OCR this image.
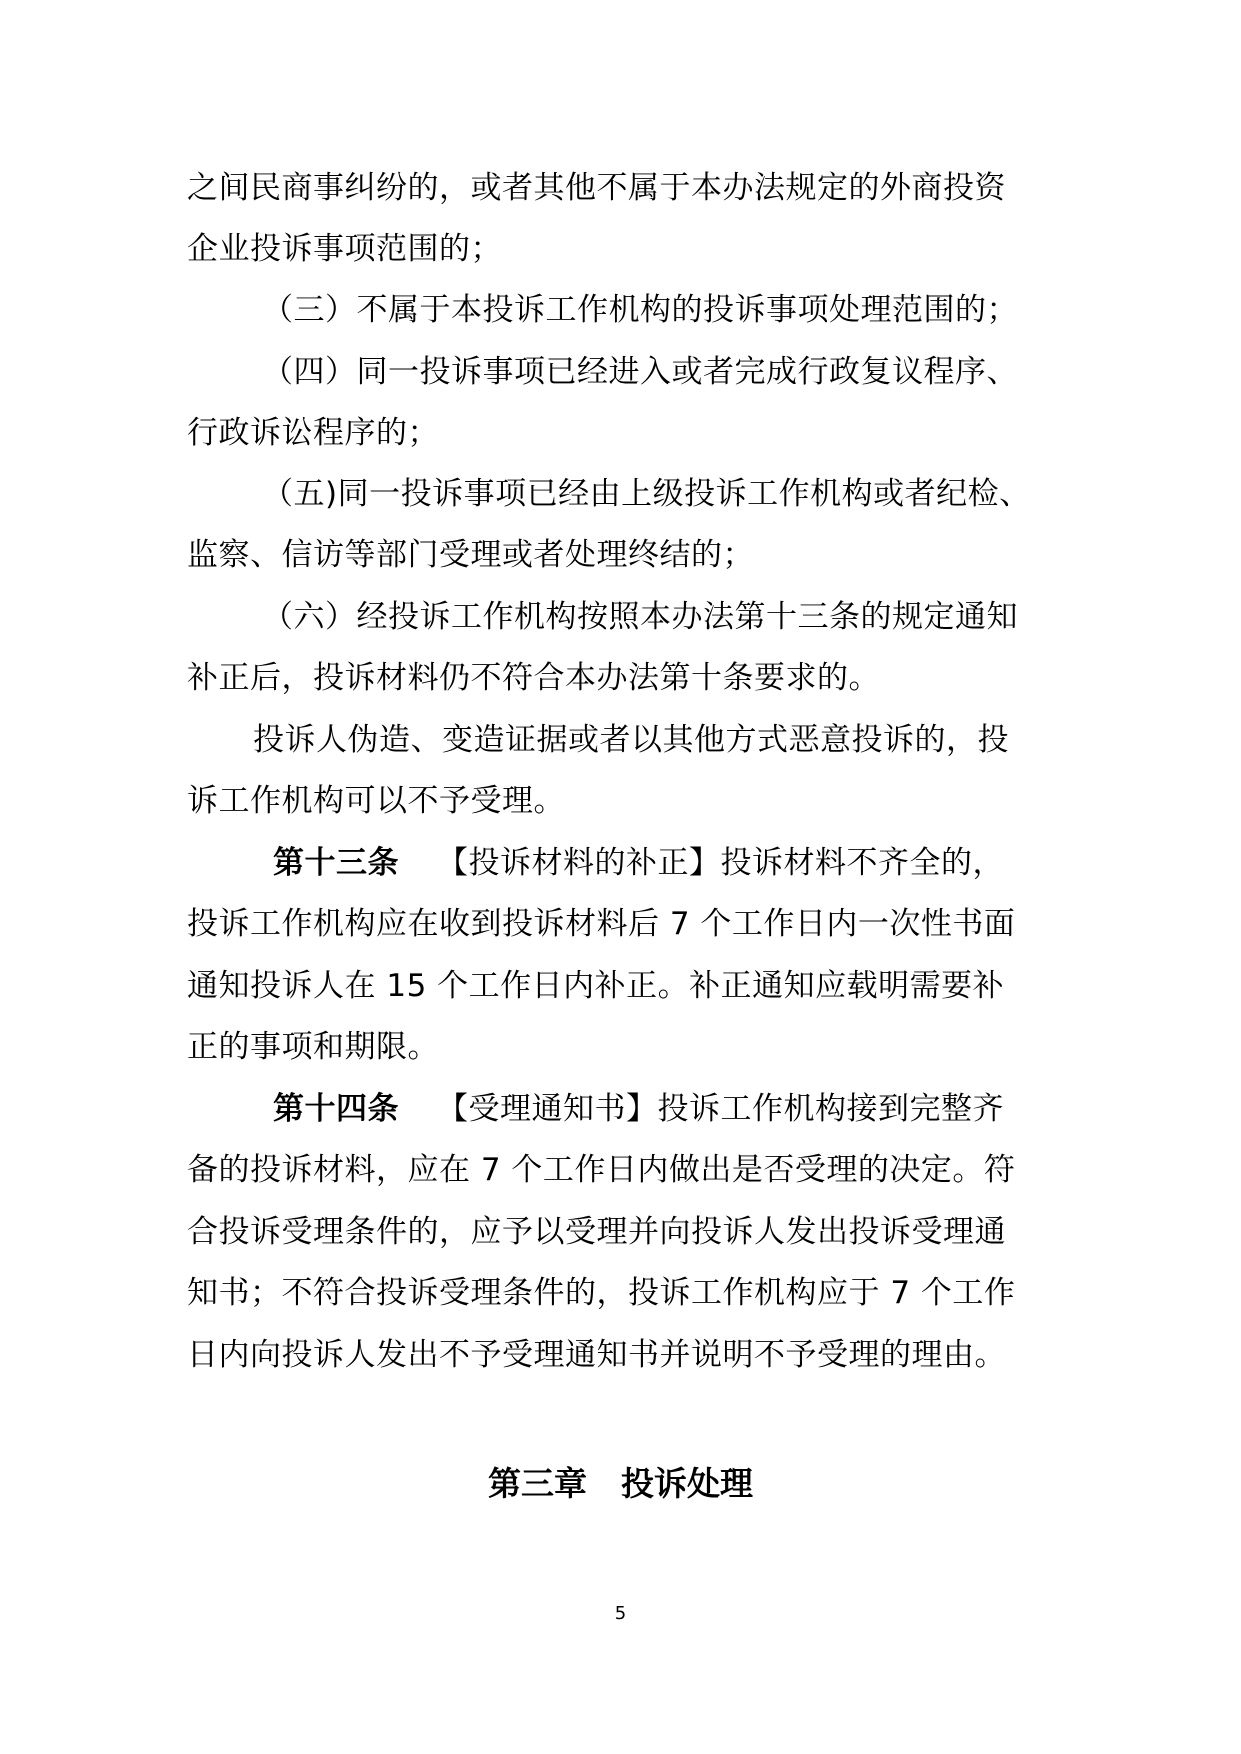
之间民商事纠纷的，或者其他不属于本办法规定的外商投资
企业投诉事项范围的；
（三）不属于本投诉工作机构的投诉事项处理范围的；
（四）同一投诉事项已经进入或者完成行政复议程序、
行政诉讼程序的；
（五)同一投诉事项已经由上级投诉工作机构或者纪检、
监察、信访等部门受理或者处理终结的；
（六）经投诉工作机构按照本办法第十三条的规定通知
补正后，投诉材料仍不符合本办法第十条要求的。
投诉人伪造、变造证据或者以其他方式恶意投诉的，投
诉工作机构可以不予受理。
第十三条 【投诉材料的补正】投诉材料不齐全的，
投诉工作机构应在收到投诉材料后 7 个工作日内一次性书面
通知投诉人在 15 个工作日内补正。补正通知应载明需要补
正的事项和期限。
第十四条 【受理通知书】投诉工作机构接到完整齐
备的投诉材料，应在 7 个工作日内做出是否受理的决定。符
合投诉受理条件的，应予以受理并向投诉人发出投诉受理通
知书；不符合投诉受理条件的，投诉工作机构应于 7 个工作
日内向投诉人发出不予受理通知书并说明不予受理的理由。
第三章 投诉处理
5
